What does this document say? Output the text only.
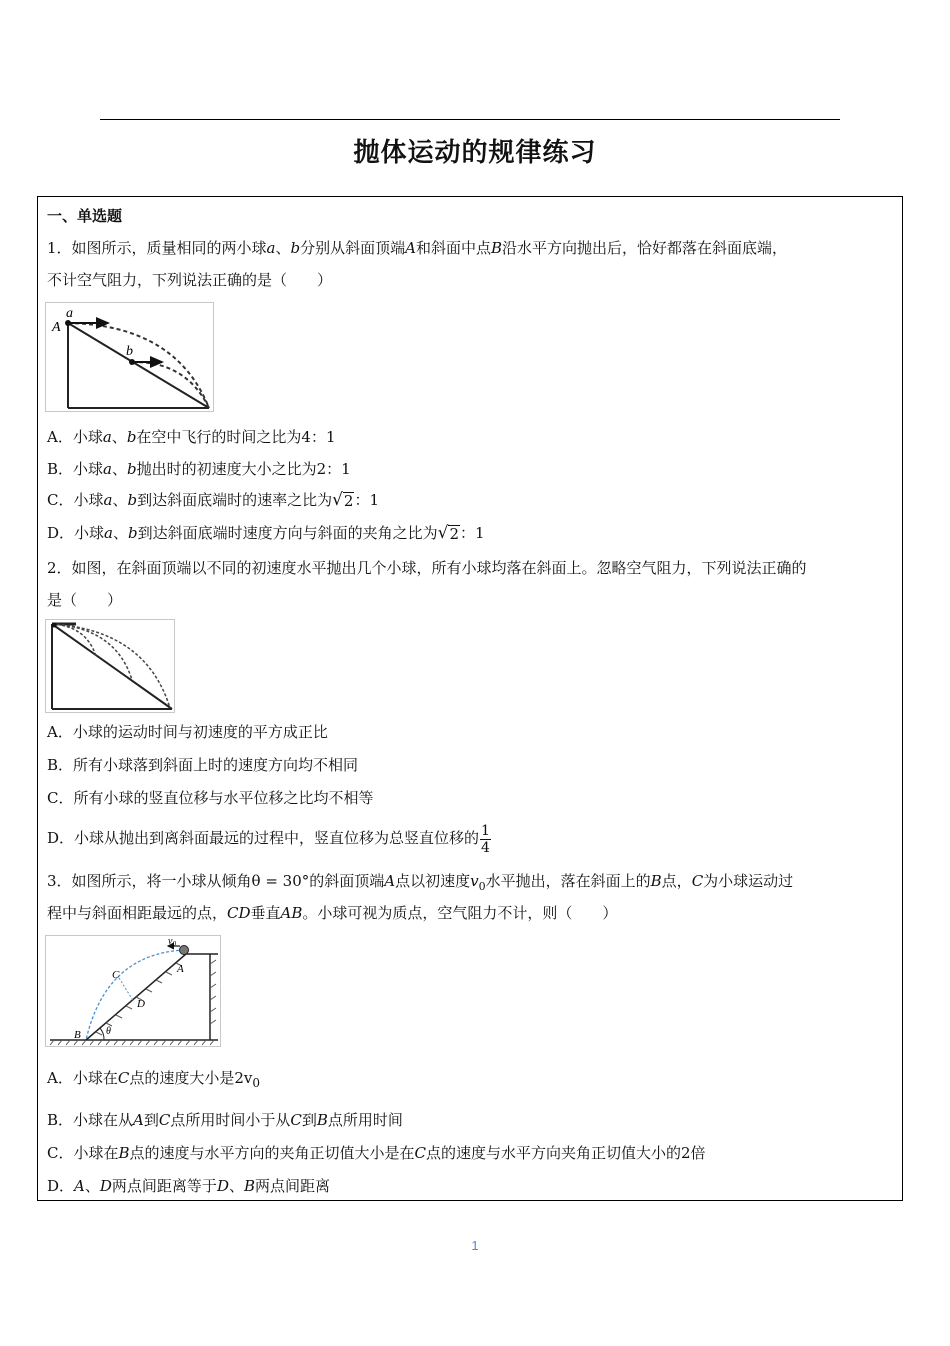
抛体运动的规律练习
一、单选题
1．如图所示，质量相同的两小球a、b分别从斜面顶端A和斜面中点B沿水平方向抛出后，恰好都落在斜面底端，
不计空气阻力，下列说法正确的是（　　）
a
A
b
A．小球a、b在空中飞行的时间之比为4：1
B．小球a、b抛出时的初速度大小之比为2：1
C．小球a、b到达斜面底端时的速率之比为 √ 2 ：1
D．小球a、b到达斜面底端时速度方向与斜面的夹角之比为 √ 2 ：1
2．如图，在斜面顶端以不同的初速度水平抛出几个小球，所有小球均落在斜面上。忽略空气阻力，下列说法正确的
是（　　）
A．小球的运动时间与初速度的平方成正比
B．所有小球落到斜面上时的速度方向均不相同
C．所有小球的竖直位移与水平位移之比均不相等
D．小球从抛出到离斜面最远的过程中，竖直位移为总竖直位移的 $\frac{1}{4}$
3．如图所示，将一小球从倾角θ = 30°的斜面顶端A点以初速度$v_0$水平抛出，落在斜面上的B点，C为小球运动过
程中与斜面相距最远的点，CD垂直AB。小球可视为质点，空气阻力不计，则（　　）
$v_0$
A
C
D
B	θ
A．小球在C点的速度大小是$2v_0$
B．小球在从A到C点所用时间小于从C到B点所用时间
C．小球在B点的速度与水平方向的夹角正切值大小是在C点的速度与水平方向夹角正切值大小的2倍
D．A、D两点间距离等于D、B两点间距离
1
